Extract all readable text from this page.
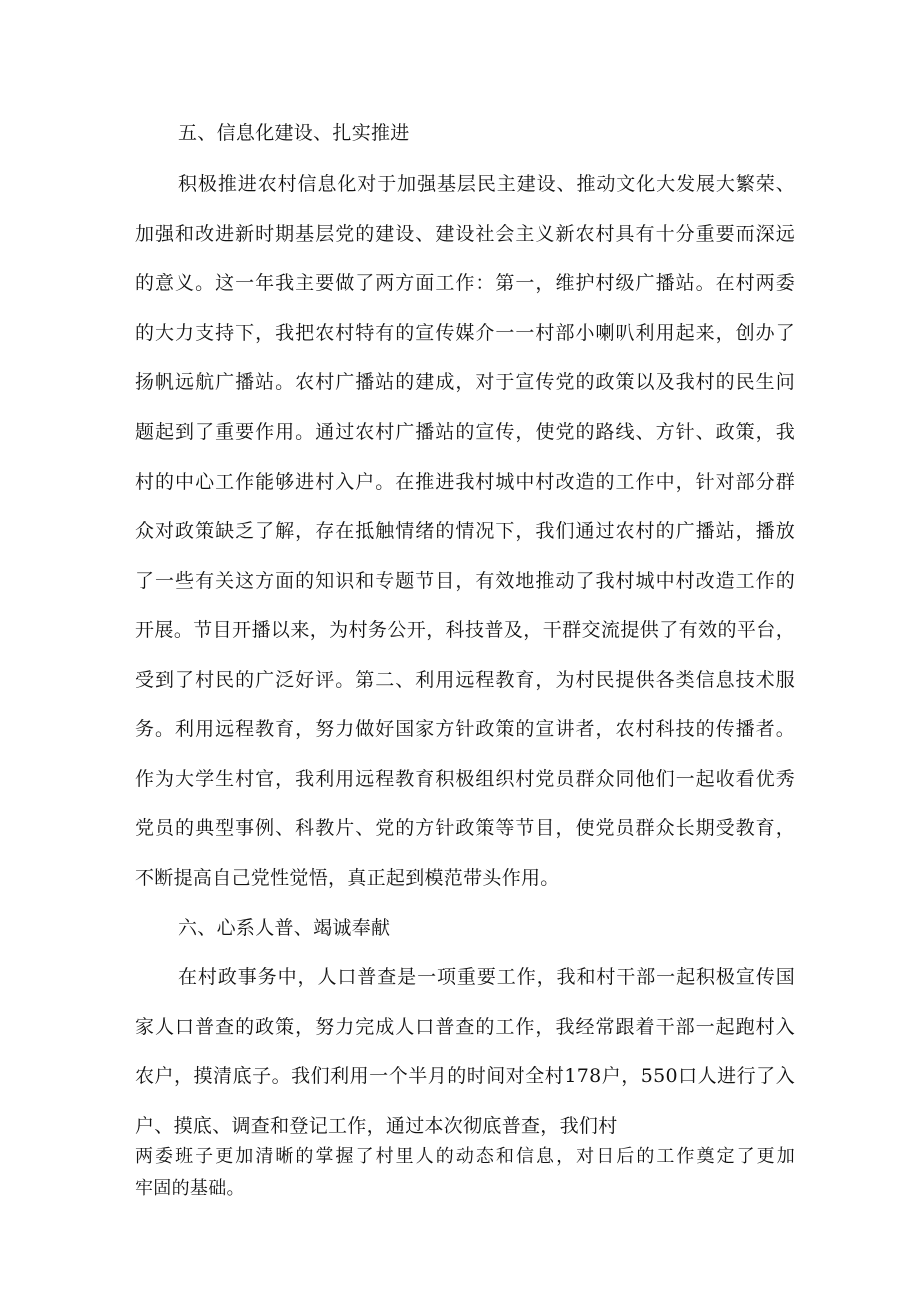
五、信息化建设、扎实推进
积极推进农村信息化对于加强基层民主建设、推动文化大发展大繁荣、
加强和改进新时期基层党的建设、建设社会主义新农村具有十分重要而深远
的意义。这一年我主要做了两方面工作：第一，维护村级广播站。在村两委
的大力支持下，我把农村特有的宣传媒介一一村部小喇叭利用起来，创办了
扬帆远航广播站。农村广播站的建成，对于宣传党的政策以及我村的民生问
题起到了重要作用。通过农村广播站的宣传，使党的路线、方针、政策，我
村的中心工作能够进村入户。在推进我村城中村改造的工作中，针对部分群
众对政策缺乏了解，存在抵触情绪的情况下，我们通过农村的广播站，播放
了一些有关这方面的知识和专题节目，有效地推动了我村城中村改造工作的
开展。节目开播以来，为村务公开，科技普及，干群交流提供了有效的平台，
受到了村民的广泛好评。第二、利用远程教育，为村民提供各类信息技术服
务。利用远程教育，努力做好国家方针政策的宣讲者，农村科技的传播者。
作为大学生村官，我利用远程教育积极组织村党员群众同他们一起收看优秀
党员的典型事例、科教片、党的方针政策等节目，使党员群众长期受教育，
不断提高自己党性觉悟，真正起到模范带头作用。
六、心系人普、竭诚奉献
在村政事务中，人口普查是一项重要工作，我和村干部一起积极宣传国
家人口普查的政策，努力完成人口普查的工作，我经常跟着干部一起跑村入
农户，摸清底子。我们利用一个半月的时间对全村178户，550口人进行了入
户、摸底、调查和登记工作，通过本次彻底普查，我们村
两委班子更加清晰的掌握了村里人的动态和信息，对日后的工作奠定了更加
牢固的基础。
